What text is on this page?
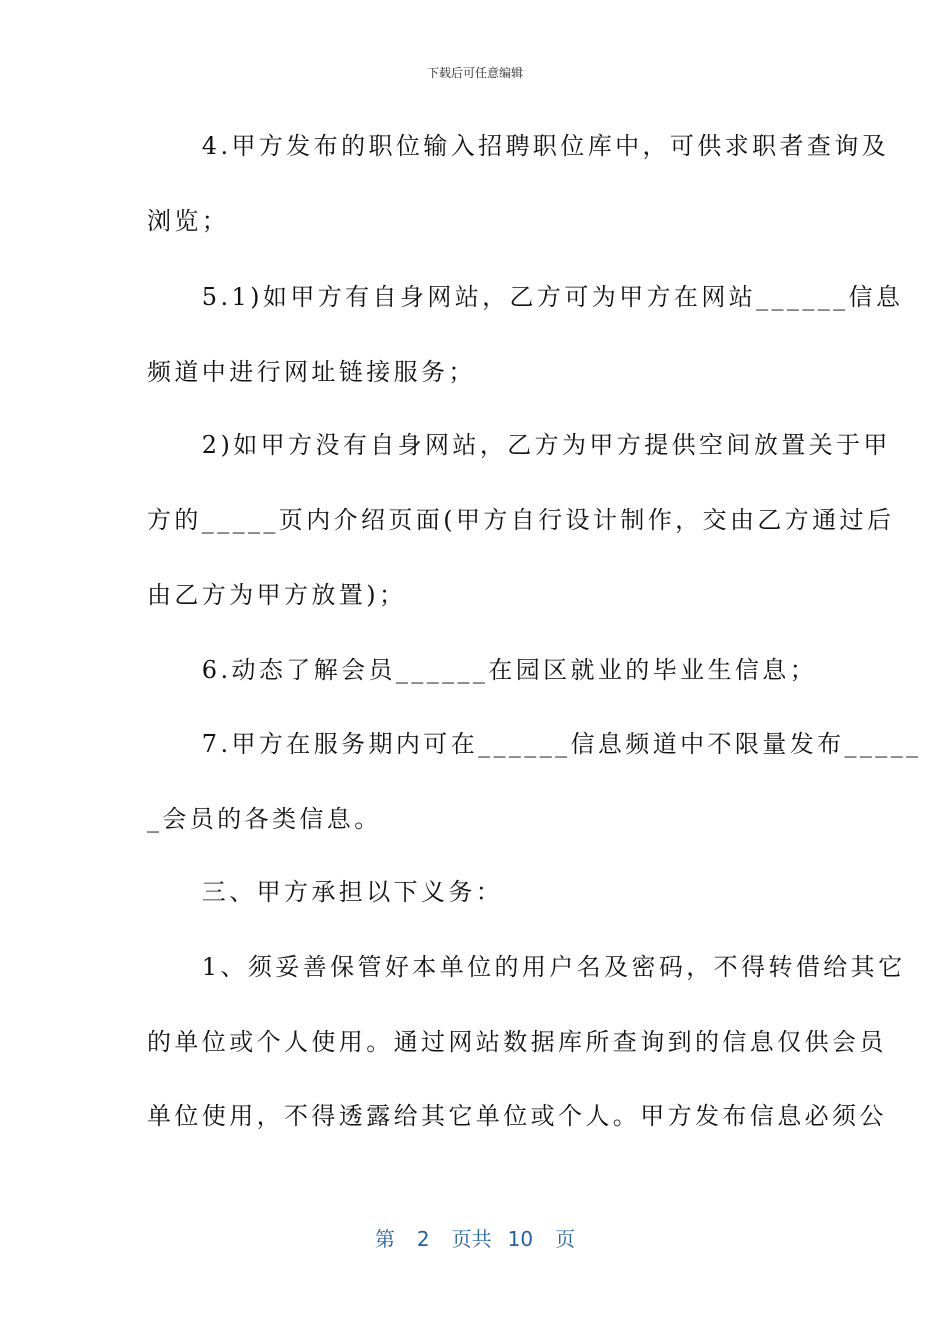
下载后可任意编辑
　　4.甲方发布的职位输入招聘职位库中，可供求职者查询及
浏览；
　　5.1)如甲方有自身网站，乙方可为甲方在网站______信息
频道中进行网址链接服务；
　　2)如甲方没有自身网站，乙方为甲方提供空间放置关于甲
方的_____页内介绍页面(甲方自行设计制作，交由乙方通过后
由乙方为甲方放置)；
　　6.动态了解会员______在园区就业的毕业生信息；
　　7.甲方在服务期内可在______信息频道中不限量发布_____
_会员的各类信息。
　　三、甲方承担以下义务：
　　1、须妥善保管好本单位的用户名及密码，不得转借给其它
的单位或个人使用。通过网站数据库所查询到的信息仅供会员
单位使用，不得透露给其它单位或个人。甲方发布信息必须公
第 2 页共 10 页
